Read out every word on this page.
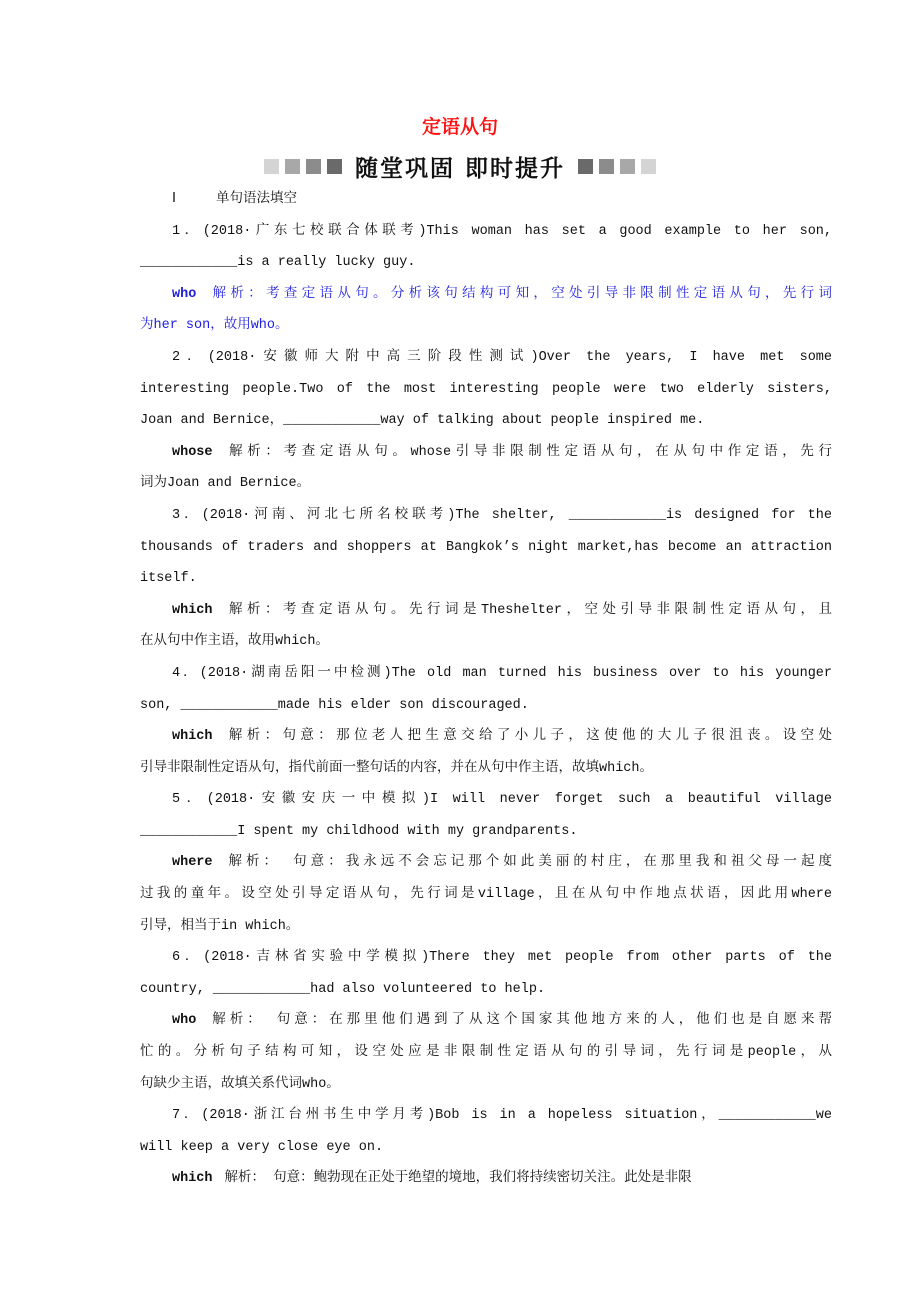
定语从句
随堂巩固 即时提升
Ⅰ	单句语法填空
1．(2018·广东七校联合体联考)This woman has set a good example to her son,
____________is a really lucky guy.
who 解析：考查定语从句。分析该句结构可知，空处引导非限制性定语从句，先行词
为her son，故用who。
2．(2018·安徽师大附中高三阶段性测试)Over the years, I have met some
interesting people.Two of the most interesting people were two elderly sisters,
Joan and Bernice，____________way of talking about people inspired me.
whose 解析：考查定语从句。whose引导非限制性定语从句，在从句中作定语，先行
词为Joan and Bernice。
3．(2018·河南、河北七所名校联考)The shelter, ____________is designed for the
thousands of traders and shoppers at Bangkok’s night market,has become an attraction
itself.
which 解析：考查定语从句。先行词是Theshelter，空处引导非限制性定语从句，且
在从句中作主语，故用which。
4．(2018·湖南岳阳一中检测)The old man turned his business over to his younger
son, ____________made his elder son discouraged.
which 解析：句意：那位老人把生意交给了小儿子，这使他的大儿子很沮丧。设空处
引导非限制性定语从句，指代前面一整句话的内容，并在从句中作主语，故填which。
5．(2018·安徽安庆一中模拟)I will never forget such a beautiful village
____________I spent my childhood with my grandparents.
where 解析： 句意：我永远不会忘记那个如此美丽的村庄，在那里我和祖父母一起度
过我的童年。设空处引导定语从句，先行词是village，且在从句中作地点状语，因此用where
引导，相当于in which。
6．(2018·吉林省实验中学模拟)There they met people from other parts of the
country, ____________had also volunteered to help.
who 解析： 句意：在那里他们遇到了从这个国家其他地方来的人，他们也是自愿来帮
忙的。分析句子结构可知，设空处应是非限制性定语从句的引导词，先行词是people，从
句缺少主语，故填关系代词who。
7．(2018·浙江台州书生中学月考)Bob is in a hopeless situation，____________we
will keep a very close eye on.
which 解析： 句意：鲍勃现在正处于绝望的境地，我们将持续密切关注。此处是非限
